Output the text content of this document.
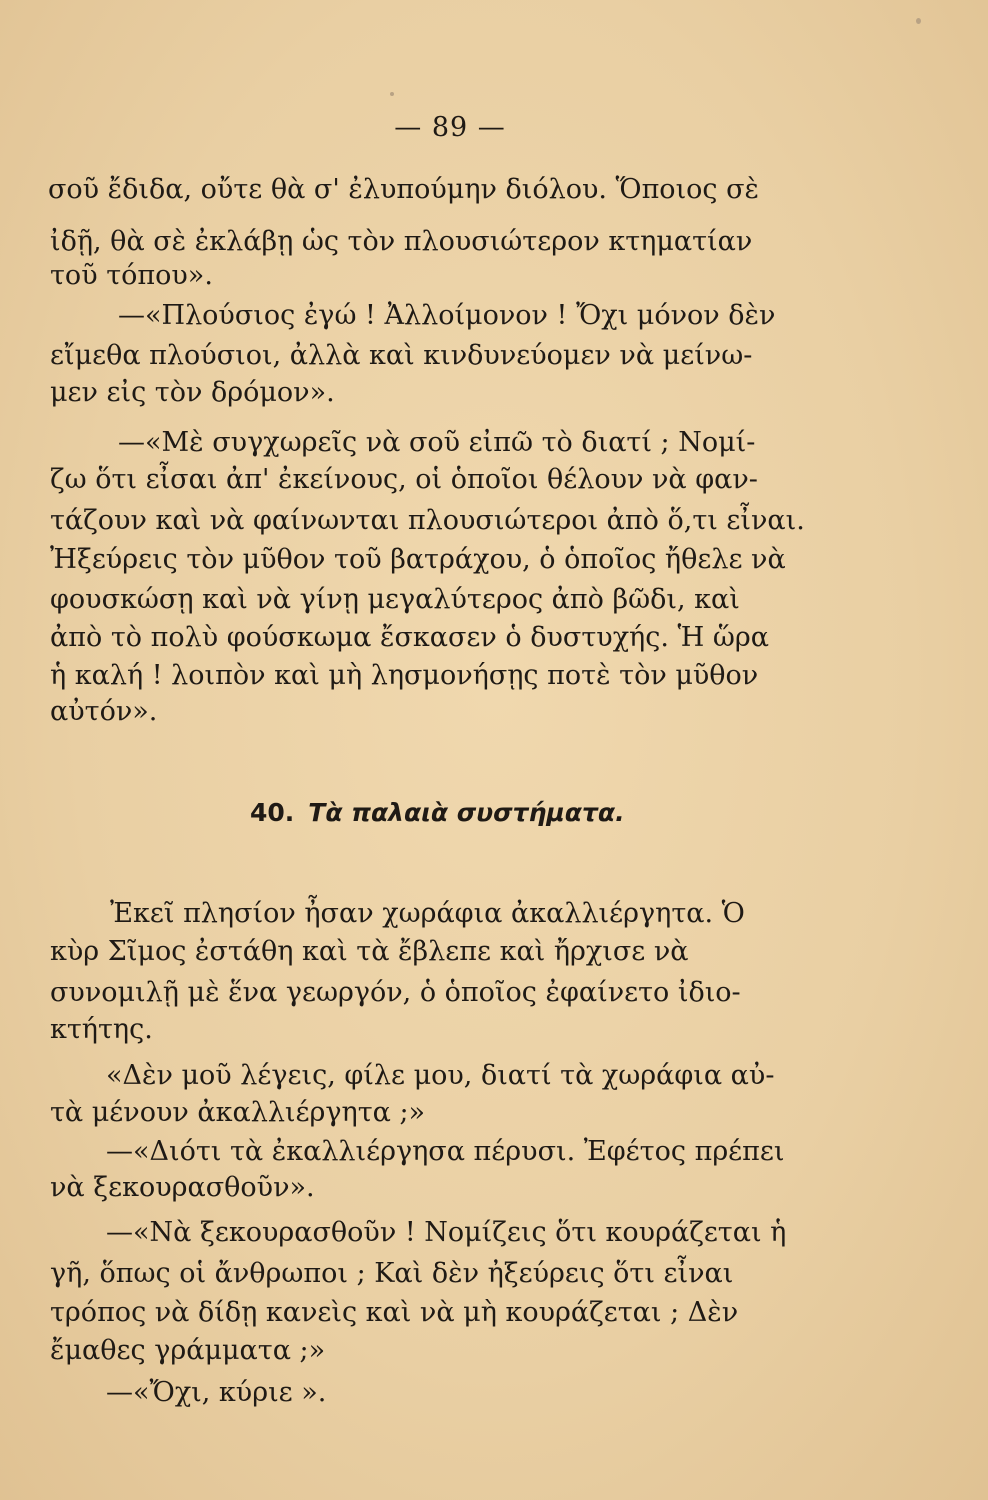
— 89 —
σοῦ ἔδιδα, οὔτε θὰ σ' ἐλυπούμην διόλου. Ὅποιος σὲ
ἰδῇ, θὰ σὲ ἐκλάβῃ ὡς τὸν πλουσιώτερον κτηματίαν
τοῦ τόπου».
—«Πλούσιος ἐγώ ! Ἀλλοίμονον ! Ὄχι μόνον δὲν
εἴμεθα πλούσιοι, ἀλλὰ καὶ κινδυνεύομεν νὰ μείνω-
μεν εἰς τὸν δρόμον».
—«Μὲ συγχωρεῖς νὰ σοῦ εἰπῶ τὸ διατί ; Νομί-
ζω ὅτι εἶσαι ἀπ' ἐκείνους, οἱ ὁποῖοι θέλουν νὰ φαν-
τάζουν καὶ νὰ φαίνωνται πλουσιώτεροι ἀπὸ ὅ,τι εἶναι.
Ἠξεύρεις τὸν μῦθον τοῦ βατράχου, ὁ ὁποῖος ἤθελε νὰ
φουσκώσῃ καὶ νὰ γίνῃ μεγαλύτερος ἀπὸ βῶδι, καὶ
ἀπὸ τὸ πολὺ φούσκωμα ἔσκασεν ὁ δυστυχής. Ἡ ὥρα
ἡ καλή ! λοιπὸν καὶ μὴ λησμονήσῃς ποτὲ τὸν μῦθον
αὐτόν».
40. Τὰ παλαιὰ συστήματα.
Ἐκεῖ πλησίον ἦσαν χωράφια ἀκαλλιέργητα. Ὁ
κὺρ Σῖμος ἐστάθη καὶ τὰ ἔβλεπε καὶ ἤρχισε νὰ
συνομιλῇ μὲ ἕνα γεωργόν, ὁ ὁποῖος ἐφαίνετο ἰδιο-
κτήτης.
«Δὲν μοῦ λέγεις, φίλε μου, διατί τὰ χωράφια αὐ-
τὰ μένουν ἀκαλλιέργητα ;»
—«Διότι τὰ ἐκαλλιέργησα πέρυσι. Ἐφέτος πρέπει
νὰ ξεκουρασθοῦν».
—«Νὰ ξεκουρασθοῦν ! Νομίζεις ὅτι κουράζεται ἡ
γῆ, ὅπως οἱ ἄνθρωποι ; Καὶ δὲν ἠξεύρεις ὅτι εἶναι
τρόπος νὰ δίδῃ κανεὶς καὶ νὰ μὴ κουράζεται ; Δὲν
ἔμαθες γράμματα ;»
—«Ὄχι, κύριε ».
